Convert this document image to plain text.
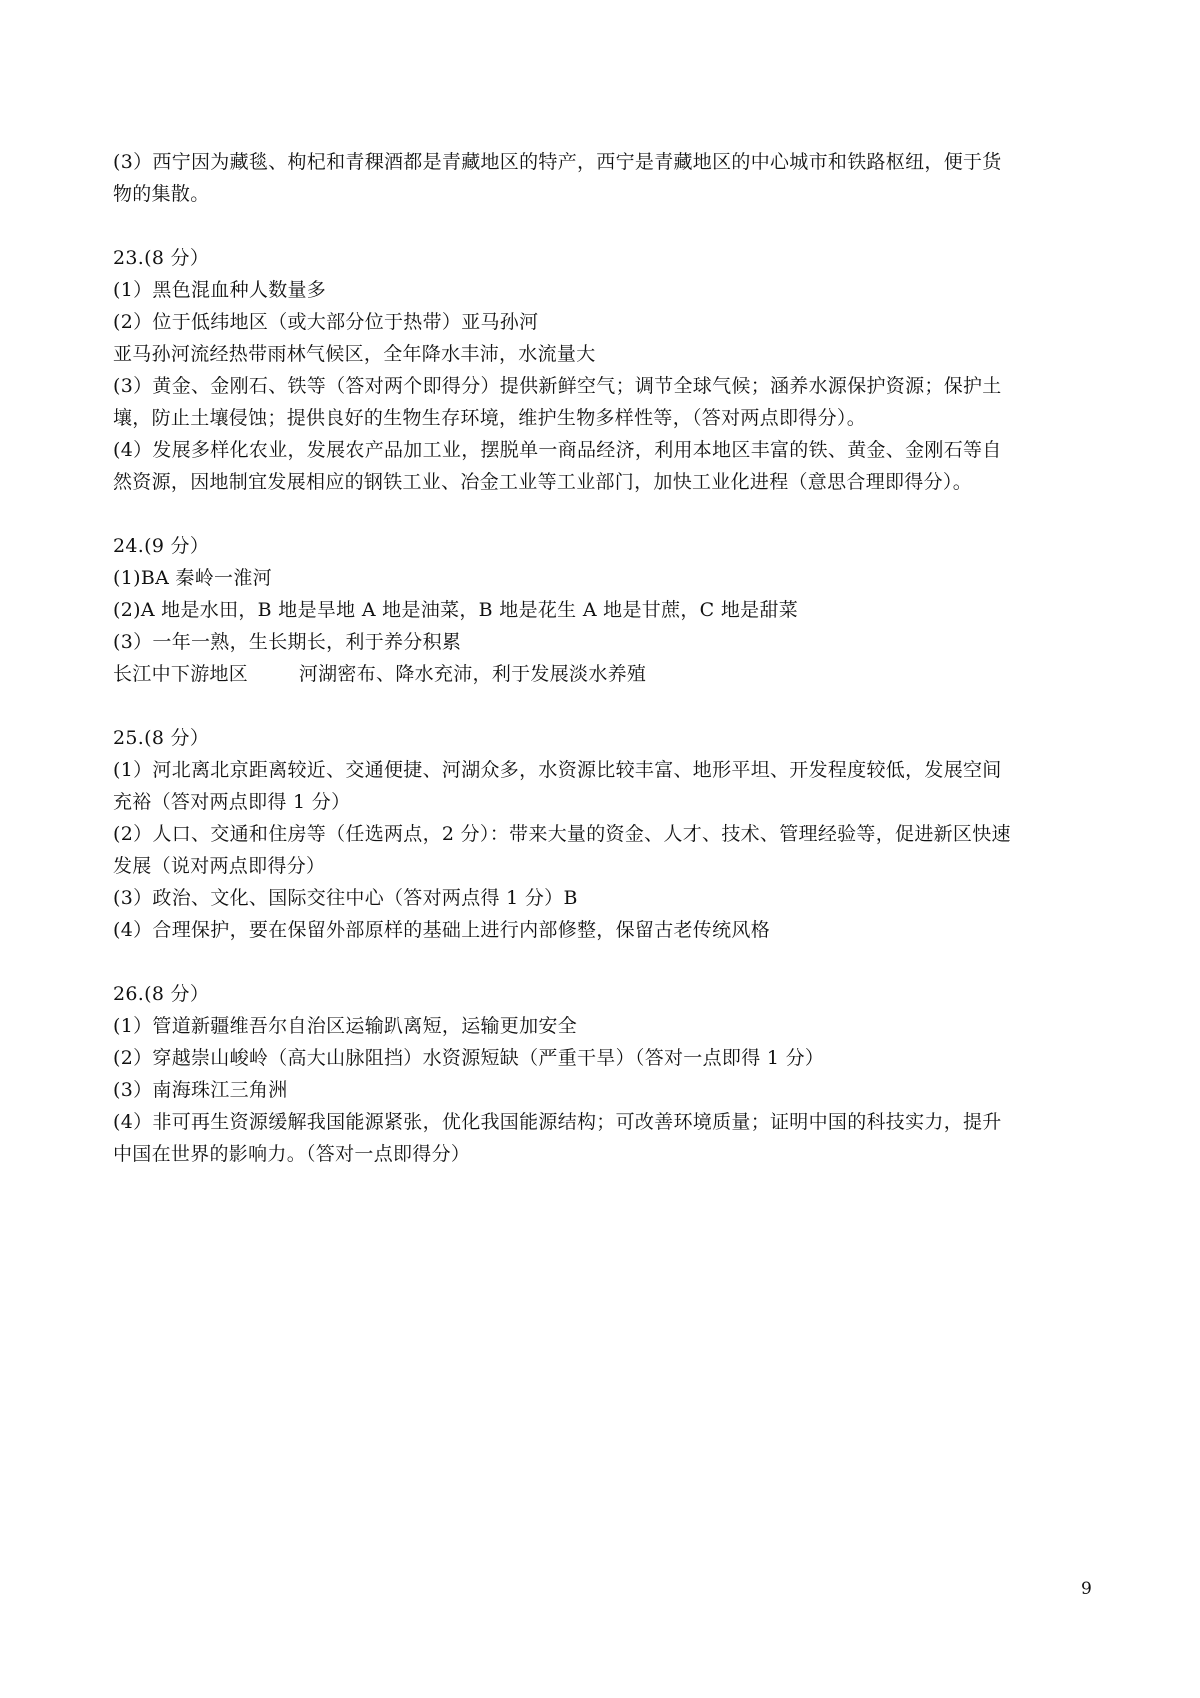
(3）西宁因为藏毯、枸杞和青稞酒都是青藏地区的特产，西宁是青藏地区的中心城市和铁路枢纽，便于货
物的集散。
23.(8 分）
(1）黑色混血种人数量多
(2）位于低纬地区（或大部分位于热带）亚马孙河
亚马孙河流经热带雨林气候区，全年降水丰沛，水流量大
(3）黄金、金刚石、铁等（答对两个即得分）提供新鲜空气；调节全球气候；涵养水源保护资源；保护土
壤，防止土壤侵蚀；提供良好的生物生存环境，维护生物多样性等，（答对两点即得分）。
(4）发展多样化农业，发展农产品加工业，摆脱单一商品经济，利用本地区丰富的铁、黄金、金刚石等自
然资源，因地制宜发展相应的钢铁工业、冶金工业等工业部门，加快工业化进程（意思合理即得分）。
24.(9 分）
(1)BA 秦岭一淮河
(2)A 地是水田，B 地是旱地 A 地是油菜，B 地是花生 A 地是甘蔗，C 地是甜菜
(3）一年一熟，生长期长，利于养分积累
长江中下游地区        河湖密布、降水充沛，利于发展淡水养殖
25.(8 分）
(1）河北离北京距离较近、交通便捷、河湖众多，水资源比较丰富、地形平坦、开发程度较低，发展空间
充裕（答对两点即得 1 分）
(2）人口、交通和住房等（任选两点，2 分）：带来大量的资金、人才、技术、管理经验等，促进新区快速
发展（说对两点即得分）
(3）政治、文化、国际交往中心（答对两点得 1 分）B
(4）合理保护，要在保留外部原样的基础上进行内部修整，保留古老传统风格
26.(8 分）
(1）管道新疆维吾尔自治区运输趴离短，运输更加安全
(2）穿越崇山峻岭（高大山脉阻挡）水资源短缺（严重干旱）（答对一点即得 1 分）
(3）南海珠江三角洲
(4）非可再生资源缓解我国能源紧张，优化我国能源结构；可改善环境质量；证明中国的科技实力，提升
中国在世界的影响力。（答对一点即得分）
9
